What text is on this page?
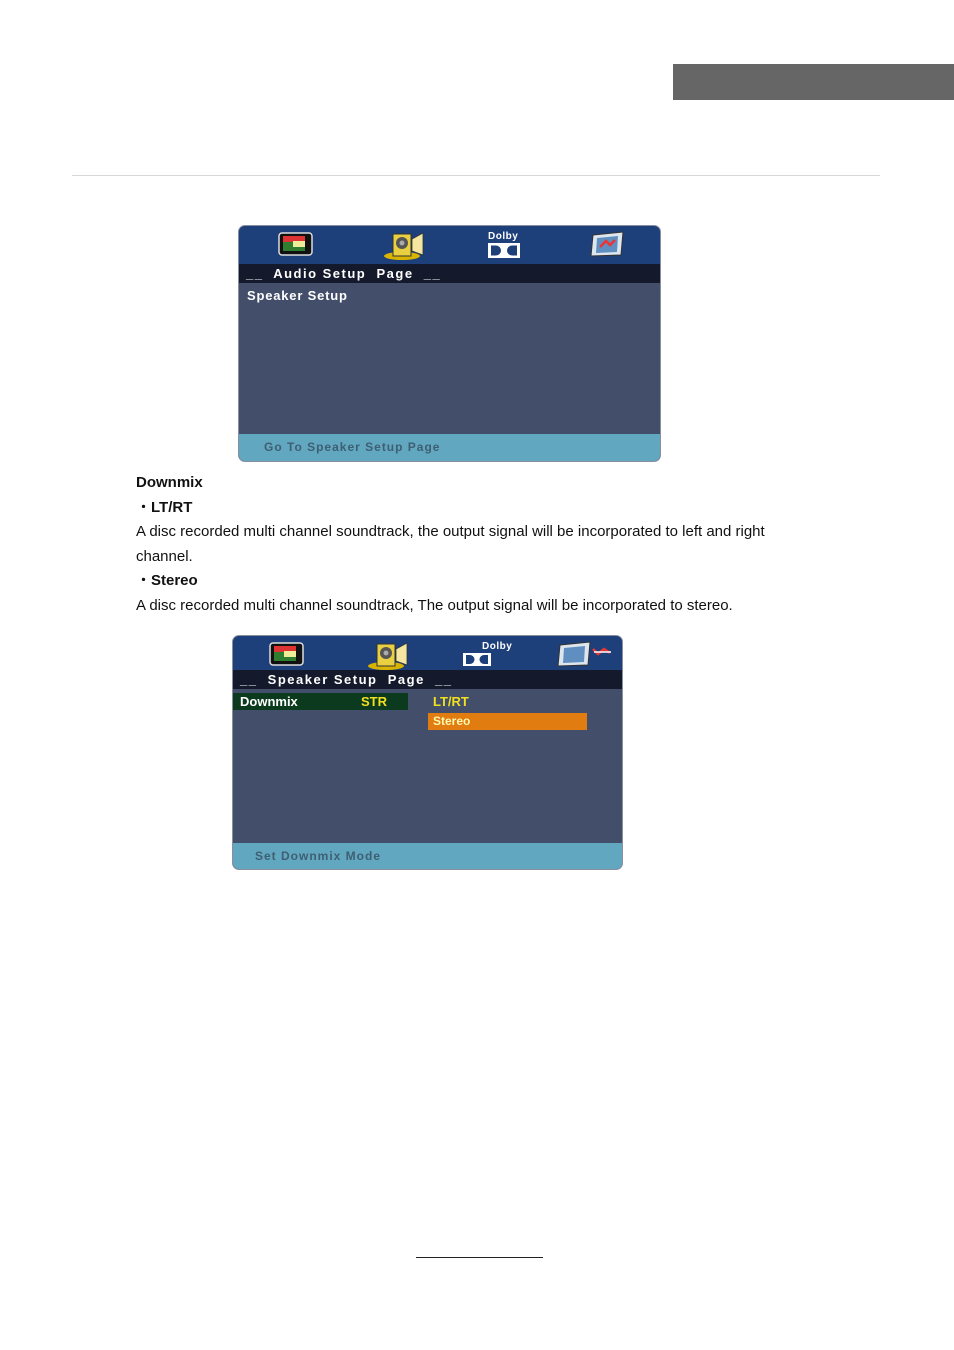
Dolby
__  Audio Setup  Page  __
Speaker Setup
Go To Speaker Setup Page
Downmix
・LT/RT
A disc recorded multi channel soundtrack, the output signal will be incorporated to left and right
channel.
・Stereo
A disc recorded multi channel soundtrack, The output signal will be incorporated to stereo.
Dolby
__  Speaker Setup  Page  __
Downmix	STR	LT/RT
Stereo
Set Downmix Mode
